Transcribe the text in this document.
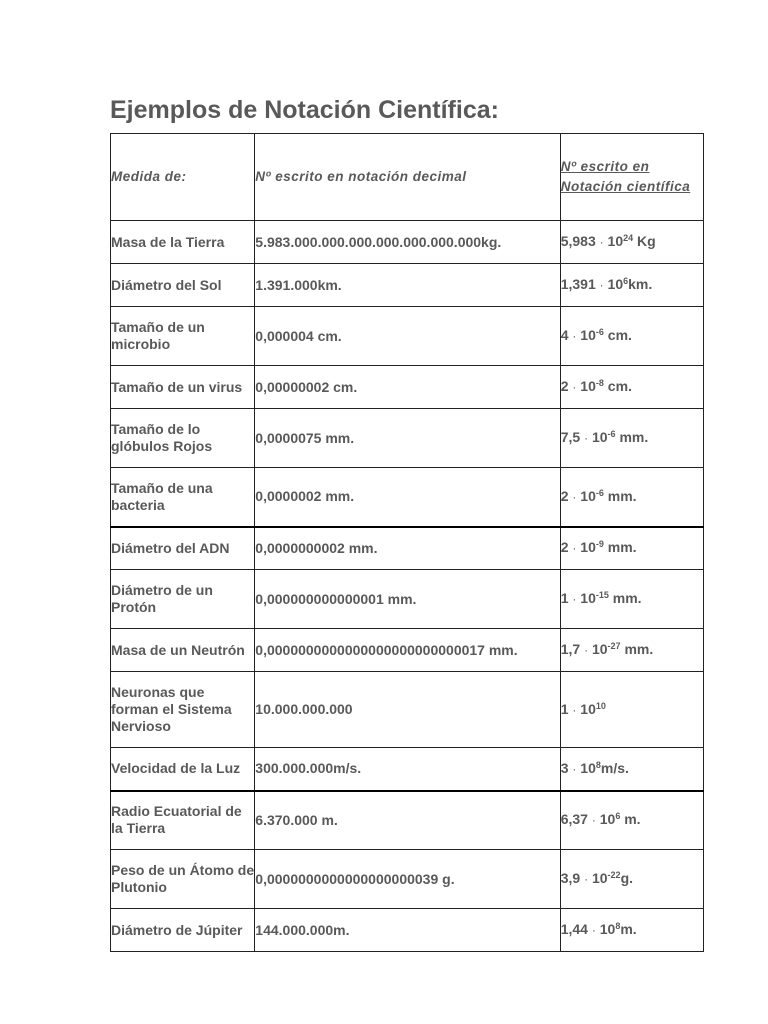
Ejemplos de Notación Científica:
Medida de:	Nº escrito en notación decimal	Nº escrito en Notación científica
Masa de la Tierra	5.983.000.000.000.000.000.000.000kg.	$5,983 \cdot 10^{24}$ Kg
Diámetro del Sol	1.391.000km.	$1,391 \cdot 10^6km$.
Tamaño de un microbio	0,000004 cm.	$4 \cdot 10^{-6}$ cm.
Tamaño de un virus	0,00000002 cm.	$2 \cdot 10^{-8}$ cm.
Tamaño de lo glóbulos Rojos	0,0000075 mm.	$7,5 \cdot 10^{-6}$ mm.
Tamaño de una bacteria	0,0000002 mm.	$2 \cdot 10^{-6}$ mm.
Diámetro del ADN	0,0000000002 mm.	$2 \cdot 10^{-9}$ mm.
Diámetro de un Protón	0,000000000000001 mm.	$1 \cdot 10^{-15}$ mm.
Masa de un Neutrón	0,0000000000000000000000000017 mm.	$1,7 \cdot 10^{-27}$ mm.
Neuronas que forman el Sistema Nervioso	10.000.000.000	$1 \cdot 10^{10}$
Velocidad de la Luz	300.000.000m/s.	$3 \cdot 10^8m/s$.
Radio Ecuatorial de la Tierra	6.370.000 m.	$6,37 \cdot 10^6$ m.
Peso de un Átomo de Plutonio	0,0000000000000000000039 g.	$3,9 \cdot 10^{-22}g$.
Diámetro de Júpiter	144.000.000m.	$1,44 \cdot 10^8m$.
